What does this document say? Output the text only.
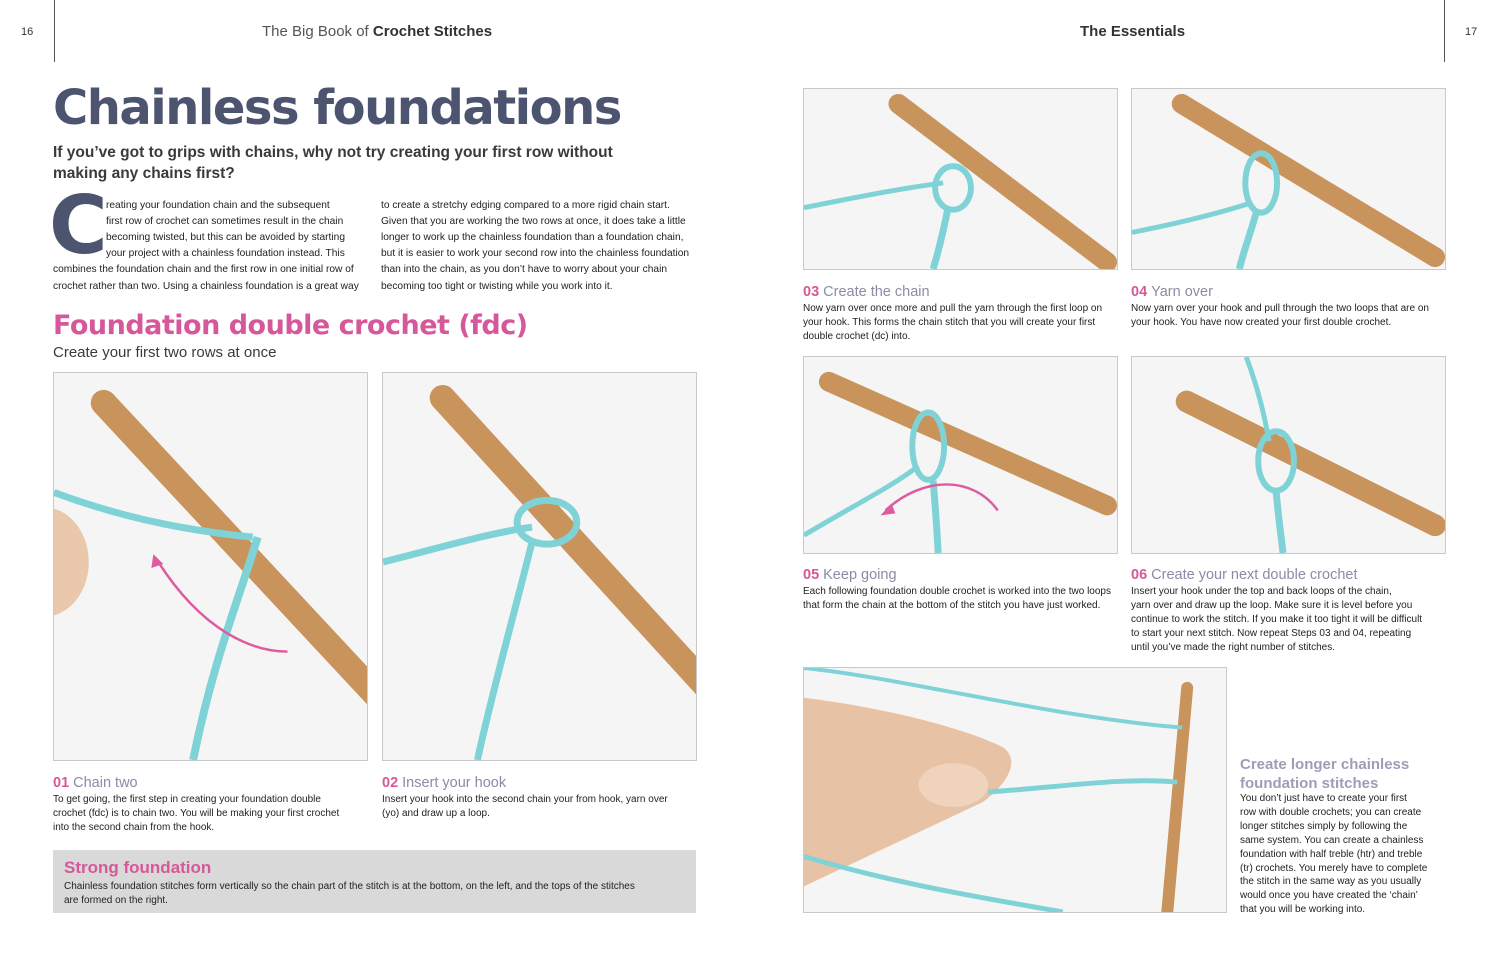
16	The Big Book of Crochet Stitches	The Essentials	17
Chainless foundations
If you’ve got to grips with chains, why not try creating your first row without making any chains first?
C
reating your foundation chain and the subsequent
first row of crochet can sometimes result in the chain
becoming twisted, but this can be avoided by starting
your project with a chainless foundation instead. This
combines the foundation chain and the first row in one initial row of
crochet rather than two. Using a chainless foundation is a great way
to create a stretchy edging compared to a more rigid chain start.
Given that you are working the two rows at once, it does take a little
longer to work up the chainless foundation than a foundation chain,
but it is easier to work your second row into the chainless foundation
than into the chain, as you don’t have to worry about your chain
becoming too tight or twisting while you work into it.
Foundation double crochet (fdc)
Create your first two rows at once
01 Chain two
To get going, the first step in creating your foundation double
crochet (fdc) is to chain two. You will be making your first crochet
into the second chain from the hook.
02 Insert your hook
Insert your hook into the second chain your from hook, yarn over
(yo) and draw up a loop.
03 Create the chain
Now yarn over once more and pull the yarn through the first loop on
your hook. This forms the chain stitch that you will create your first
double crochet (dc) into.
04 Yarn over
Now yarn over your hook and pull through the two loops that are on
your hook. You have now created your first double crochet.
05 Keep going
Each following foundation double crochet is worked into the two loops
that form the chain at the bottom of the stitch you have just worked.
06 Create your next double crochet
Insert your hook under the top and back loops of the chain,
yarn over and draw up the loop. Make sure it is level before you
continue to work the stitch. If you make it too tight it will be difficult
to start your next stitch. Now repeat Steps 03 and 04, repeating
until you’ve made the right number of stitches.
Strong foundation
Chainless foundation stitches form vertically so the chain part of the stitch is at the bottom, on the left, and the tops of the stitches
are formed on the right.
Create longer chainless
foundation stitches
You don’t just have to create your first
row with double crochets; you can create
longer stitches simply by following the
same system. You can create a chainless
foundation with half treble (htr) and treble
(tr) crochets. You merely have to complete
the stitch in the same way as you usually
would once you have created the ‘chain’
that you will be working into.
